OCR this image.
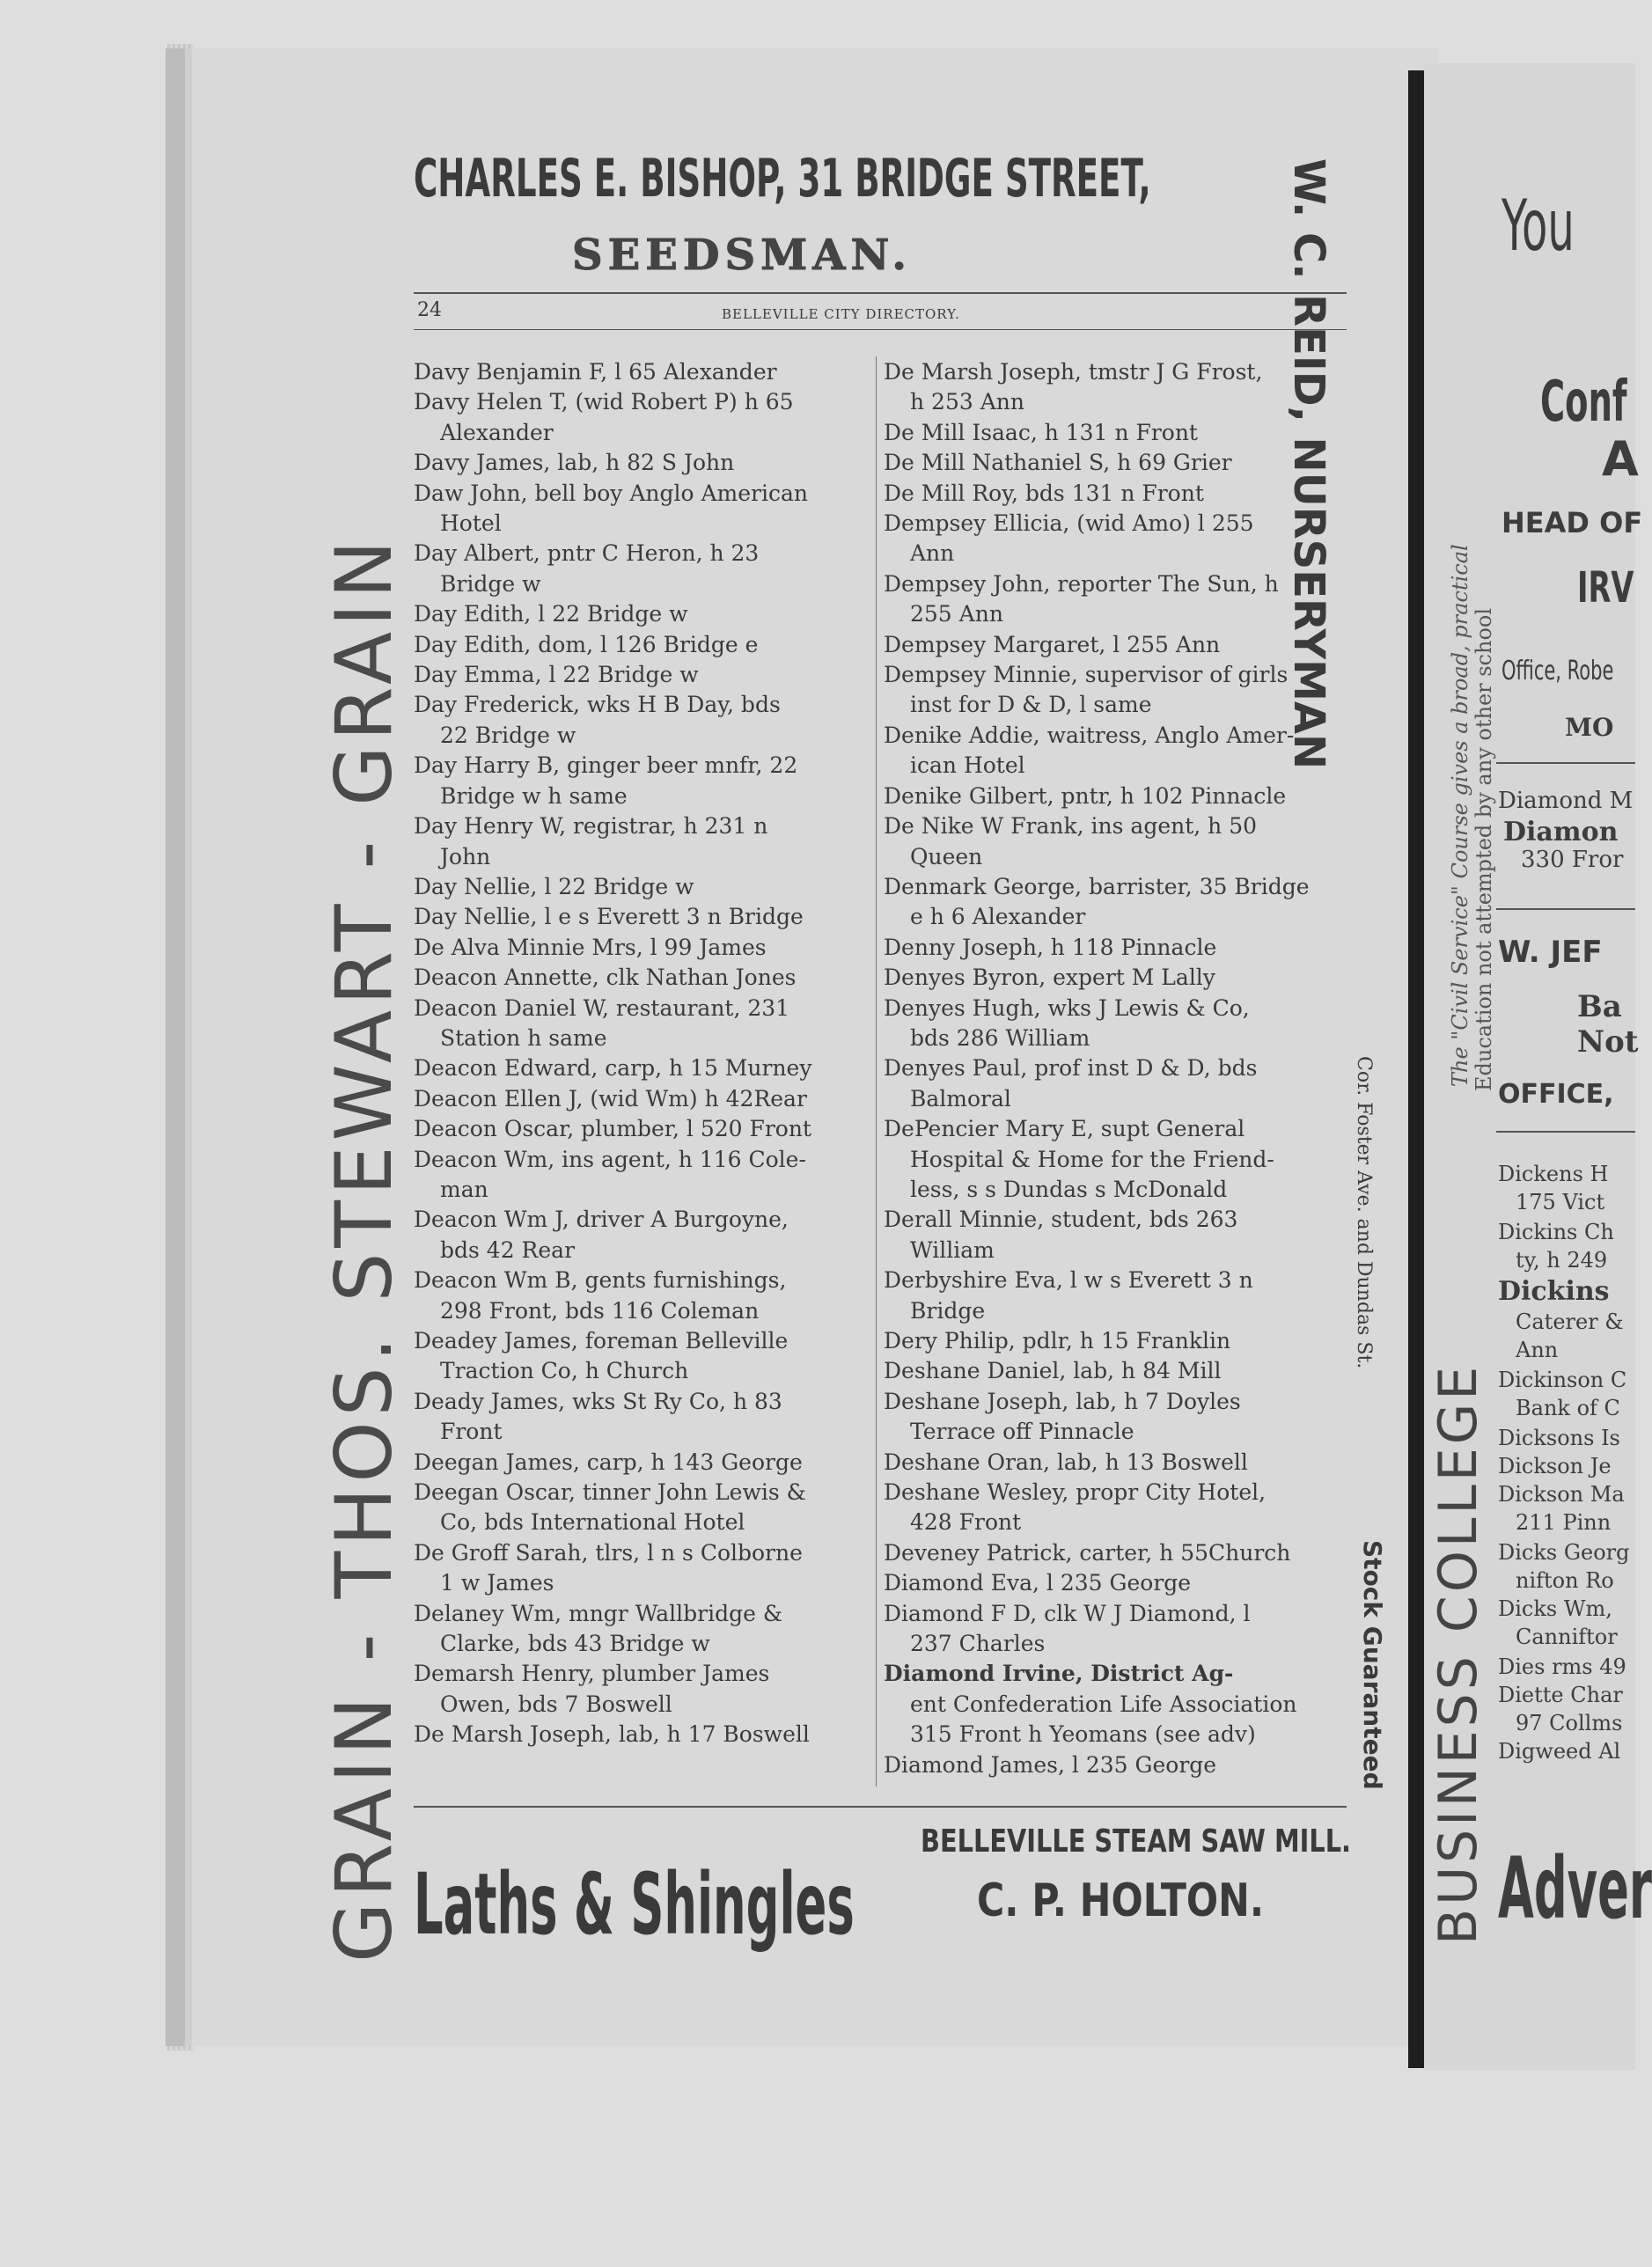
GRAIN - THOS. STEWART - GRAIN
CHARLES E. BISHOP, 31 BRIDGE STREET,
SEEDSMAN.
24	BELLEVILLE CITY DIRECTORY.
Davy Benjamin F, l 65 Alexander
Davy Helen T, (wid Robert P) h 65
Alexander
Davy James, lab, h 82 S John
Daw John, bell boy Anglo American
Hotel
Day Albert, pntr C Heron, h 23
Bridge w
Day Edith, l 22 Bridge w
Day Edith, dom, l 126 Bridge e
Day Emma, l 22 Bridge w
Day Frederick, wks H B Day, bds
22 Bridge w
Day Harry B, ginger beer mnfr, 22
Bridge w h same
Day Henry W, registrar, h 231 n
John
Day Nellie, l 22 Bridge w
Day Nellie, l e s Everett 3 n Bridge
De Alva Minnie Mrs, l 99 James
Deacon Annette, clk Nathan Jones
Deacon Daniel W, restaurant, 231
Station h same
Deacon Edward, carp, h 15 Murney
Deacon Ellen J, (wid Wm) h 42Rear
Deacon Oscar, plumber, l 520 Front
Deacon Wm, ins agent, h 116 Cole-
man
Deacon Wm J, driver A Burgoyne,
bds 42 Rear
Deacon Wm B, gents furnishings,
298 Front, bds 116 Coleman
Deadey James, foreman Belleville
Traction Co, h Church
Deady James, wks St Ry Co, h 83
Front
Deegan James, carp, h 143 George
Deegan Oscar, tinner John Lewis &
Co, bds International Hotel
De Groff Sarah, tlrs, l n s Colborne
1 w James
Delaney Wm, mngr Wallbridge &
Clarke, bds 43 Bridge w
Demarsh Henry, plumber James
Owen, bds 7 Boswell
De Marsh Joseph, lab, h 17 Boswell
De Marsh Joseph, tmstr J G Frost,
h 253 Ann
De Mill Isaac, h 131 n Front
De Mill Nathaniel S, h 69 Grier
De Mill Roy, bds 131 n Front
Dempsey Ellicia, (wid Amo) l 255
Ann
Dempsey John, reporter The Sun, h
255 Ann
Dempsey Margaret, l 255 Ann
Dempsey Minnie, supervisor of girls
inst for D & D, l same
Denike Addie, waitress, Anglo Amer-
ican Hotel
Denike Gilbert, pntr, h 102 Pinnacle
De Nike W Frank, ins agent, h 50
Queen
Denmark George, barrister, 35 Bridge
e h 6 Alexander
Denny Joseph, h 118 Pinnacle
Denyes Byron, expert M Lally
Denyes Hugh, wks J Lewis & Co,
bds 286 William
Denyes Paul, prof inst D & D, bds
Balmoral
DePencier Mary E, supt General
Hospital & Home for the Friend-
less, s s Dundas s McDonald
Derall Minnie, student, bds 263
William
Derbyshire Eva, l w s Everett 3 n
Bridge
Dery Philip, pdlr, h 15 Franklin
Deshane Daniel, lab, h 84 Mill
Deshane Joseph, lab, h 7 Doyles
Terrace off Pinnacle
Deshane Oran, lab, h 13 Boswell
Deshane Wesley, propr City Hotel,
428 Front
Deveney Patrick, carter, h 55Church
Diamond Eva, l 235 George
Diamond F D, clk W J Diamond, l
237 Charles
Diamond Irvine, District Ag-
ent Confederation Life Association
315 Front h Yeomans (see adv)
Diamond James, l 235 George
Laths & Shingles
BELLEVILLE STEAM SAW MILL.
C. P. HOLTON.
W. C. REID, NURSERYMAN
Cor. Foster Ave. and Dundas St.
Stock Guaranteed BUSINESS COLLEGE
The "Civil Service" Course gives a broad, practical Education not attempted by any other school
You
Conf
A
HEAD OF
IRV
Office, Robe
MO
Diamond M
Diamon
330 Fror
W. JEF
Ba
Not
OFFICE,
Dickens H
175 Vict
Dickins Ch
ty, h 249
Dickins
Caterer &
Ann
Dickinson C
Bank of C
Dicksons Is
Dickson Je
Dickson Ma
211 Pinn
Dicks Georg
nifton Ro
Dicks Wm,
Canniftor
Dies rms 49
Diette Char
97 Collms
Digweed Al
Adver
